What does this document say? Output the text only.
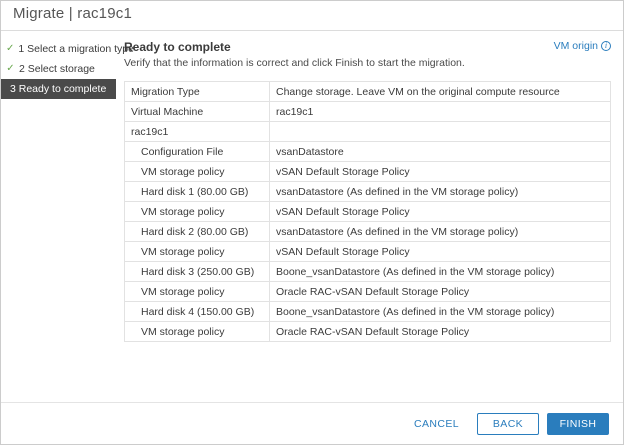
Migrate | rac19c1
✓ 1 Select a migration type
✓ 2 Select storage
3 Ready to complete
Ready to complete
Verify that the information is correct and click Finish to start the migration.
VM origin i
Migration Type	Change storage. Leave VM on the original compute resource
Virtual Machine	rac19c1
rac19c1	
Configuration File	vsanDatastore
VM storage policy	vSAN Default Storage Policy
Hard disk 1 (80.00 GB)	vsanDatastore (As defined in the VM storage policy)
VM storage policy	vSAN Default Storage Policy
Hard disk 2 (80.00 GB)	vsanDatastore (As defined in the VM storage policy)
VM storage policy	vSAN Default Storage Policy
Hard disk 3 (250.00 GB)	Boone_vsanDatastore (As defined in the VM storage policy)
VM storage policy	Oracle RAC-vSAN Default Storage Policy
Hard disk 4 (150.00 GB)	Boone_vsanDatastore (As defined in the VM storage policy)
VM storage policy	Oracle RAC-vSAN Default Storage Policy
CANCEL	BACK	FINISH
